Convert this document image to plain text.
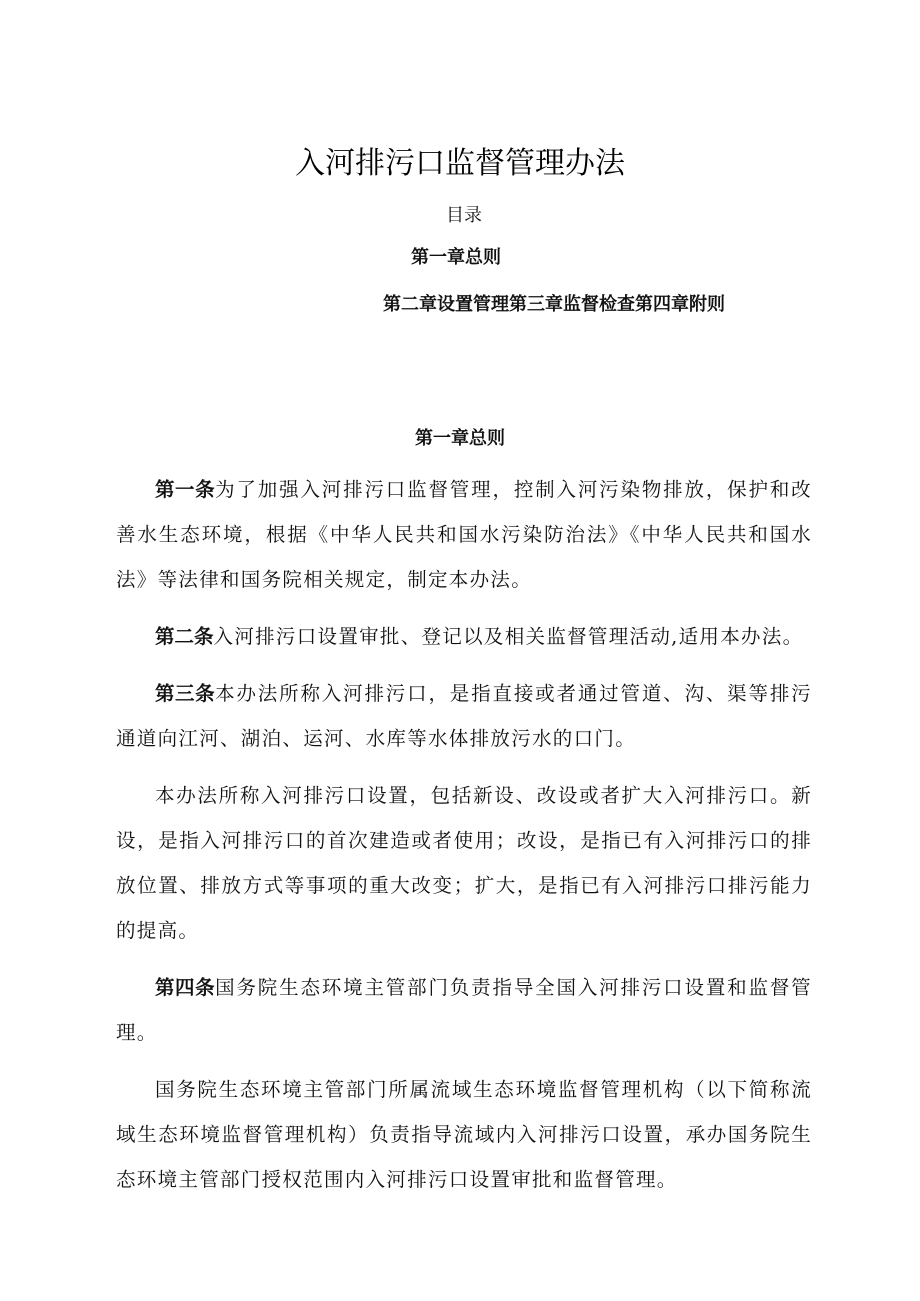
入河排污口监督管理办法
目录
第一章总则
第二章设置管理第三章监督检查第四章附则
第一章总则

第一条为了加强入河排污口监督管理，控制入河污染物排放，保护和改善水生态环境，根据《中华人民共和国水污染防治法》《中华人民共和国水法》等法律和国务院相关规定，制定本办法。

第二条入河排污口设置审批、登记以及相关监督管理活动,适用本办法。

第三条本办法所称入河排污口，是指直接或者通过管道、沟、渠等排污通道向江河、湖泊、运河、水库等水体排放污水的口门。

本办法所称入河排污口设置，包括新设、改设或者扩大入河排污口。新设，是指入河排污口的首次建造或者使用；改设，是指已有入河排污口的排放位置、排放方式等事项的重大改变；扩大，是指已有入河排污口排污能力的提高。

第四条国务院生态环境主管部门负责指导全国入河排污口设置和监督管理。

国务院生态环境主管部门所属流域生态环境监督管理机构（以下简称流域生态环境监督管理机构）负责指导流域内入河排污口设置，承办国务院生态环境主管部门授权范围内入河排污口设置审批和监督管理。
